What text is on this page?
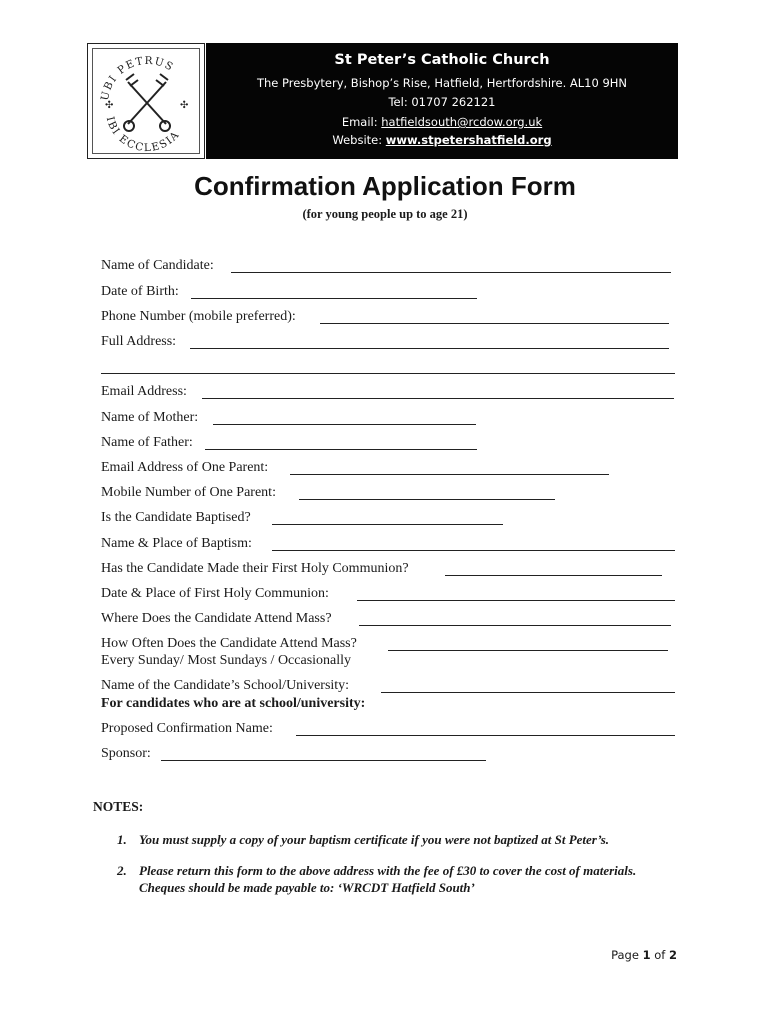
UBI PETRUS
IBI ECCLESIA
✣	✣
St Peter’s Catholic Church
The Presbytery, Bishop’s Rise, Hatfield, Hertfordshire. AL10 9HN
Tel: 01707 262121
Email: hatfieldsouth@rcdow.org.uk
Website: www.stpetershatfield.org
Confirmation Application Form
(for young people up to age 21)
Name of Candidate:
Date of Birth:
Phone Number (mobile preferred):
Full Address:
Email Address:
Name of Mother:
Name of Father:
Email Address of One Parent:
Mobile Number of One Parent:
Is the Candidate Baptised?
Name & Place of Baptism:
Has the Candidate Made their First Holy Communion?
Date & Place of First Holy Communion:
Where Does the Candidate Attend Mass?
How Often Does the Candidate Attend Mass?
Every Sunday/ Most Sundays / Occasionally
Name of the Candidate’s School/University:
For candidates who are at school/university:
Proposed Confirmation Name:
Sponsor:
NOTES:
1. You must supply a copy of your baptism certificate if you were not baptized at St Peter’s.
2. Please return this form to the above address with the fee of £30 to cover the cost of materials.
Cheques should be made payable to: ‘WRCDT Hatfield South’
Page 1 of 2
